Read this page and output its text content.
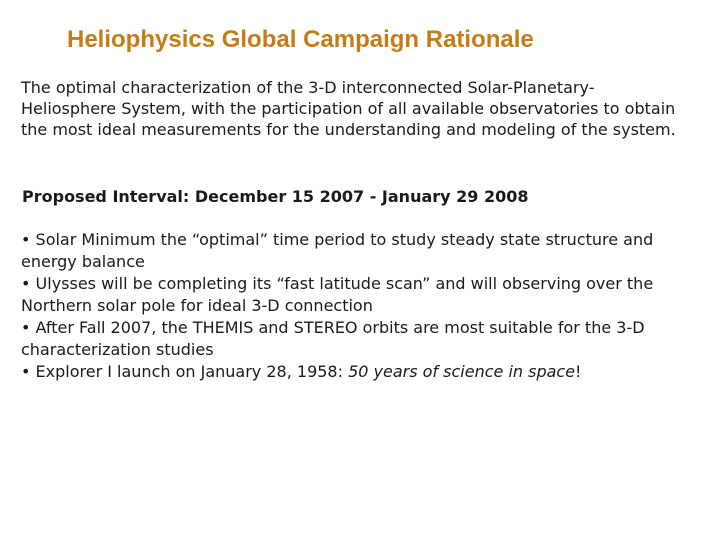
Heliophysics Global Campaign Rationale

The optimal characterization of the 3-D interconnected Solar-Planetary-Heliosphere System, with the participation of all available observatories to obtain the most ideal measurements for the understanding and modeling of the system.

Proposed Interval: December 15 2007 - January 29 2008

• Solar Minimum the “optimal” time period to study steady state structure and energy balance
• Ulysses will be completing its “fast latitude scan” and will observing over the Northern solar pole for ideal 3-D connection
• After Fall 2007, the THEMIS and STEREO orbits are most suitable for the 3-D characterization studies
• Explorer I launch on January 28, 1958: 50 years of science in space!
